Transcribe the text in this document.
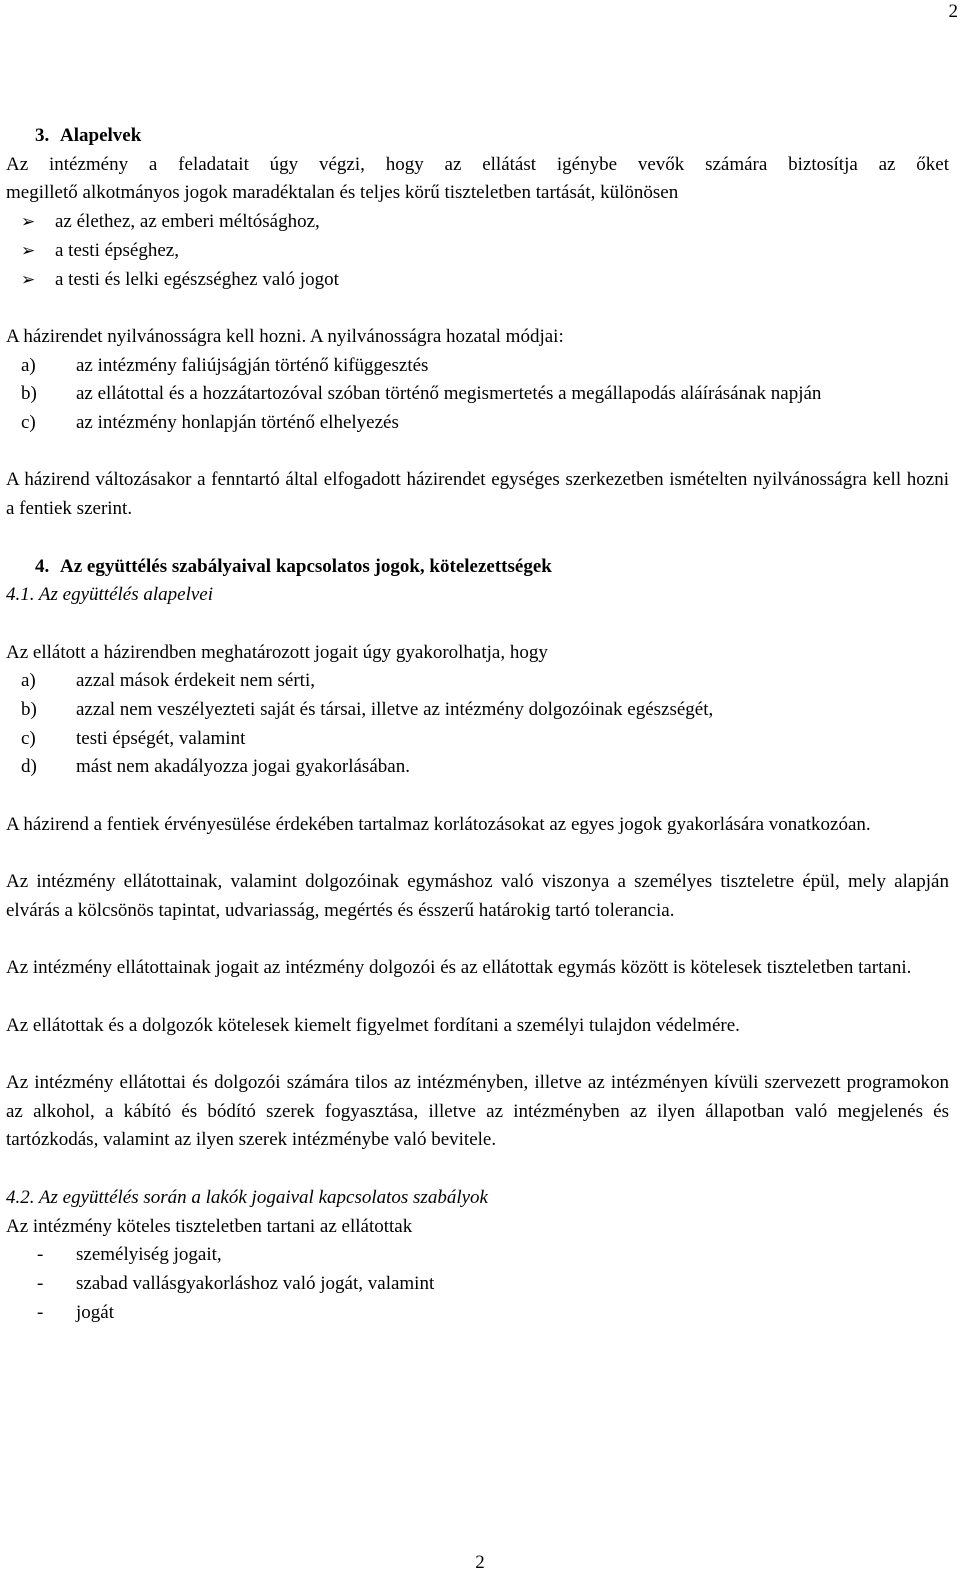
2

3. Alapelvek

Az intézmény a feladatait úgy végzi, hogy az ellátást igénybe vevők számára biztosítja az őket

megillető alkotmányos jogok maradéktalan és teljes körű tiszteletben tartását, különösen

➢	az élethez, az emberi méltósághoz,
➢	a testi épséghez,
➢	a testi és lelki egészséghez való jogot

A házirendet nyilvánosságra kell hozni. A nyilvánosságra hozatal módjai:

a)	az intézmény faliújságján történő kifüggesztés
b)	az ellátottal és a hozzátartozóval szóban történő megismertetés a megállapodás aláírásának napján
c)	az intézmény honlapján történő elhelyezés

A házirend változásakor a fenntartó által elfogadott házirendet egységes szerkezetben ismételten nyilvánosságra kell hozni a fentiek szerint.

4. Az együttélés szabályaival kapcsolatos jogok, kötelezettségek

4.1. Az együttélés alapelvei

Az ellátott a házirendben meghatározott jogait úgy gyakorolhatja, hogy

a)	azzal mások érdekeit nem sérti,
b)	azzal nem veszélyezteti saját és társai, illetve az intézmény dolgozóinak egészségét,
c)	testi épségét, valamint
d)	mást nem akadályozza jogai gyakorlásában.

A házirend a fentiek érvényesülése érdekében tartalmaz korlátozásokat az egyes jogok gyakorlására vonatkozóan.

Az intézmény ellátottainak, valamint dolgozóinak egymáshoz való viszonya a személyes tiszteletre épül, mely alapján elvárás a kölcsönös tapintat, udvariasság, megértés és ésszerű határokig tartó tolerancia.

Az intézmény ellátottainak jogait az intézmény dolgozói és az ellátottak egymás között is kötelesek tiszteletben tartani.

Az ellátottak és a dolgozók kötelesek kiemelt figyelmet fordítani a személyi tulajdon védelmére.

Az intézmény ellátottai és dolgozói számára tilos az intézményben, illetve az intézményen kívüli szervezett programokon az alkohol, a kábító és bódító szerek fogyasztása, illetve az intézményben az ilyen állapotban való megjelenés és tartózkodás, valamint az ilyen szerek intézménybe való bevitele.

4.2. Az együttélés során a lakók jogaival kapcsolatos szabályok

Az intézmény köteles tiszteletben tartani az ellátottak

-	személyiség jogait,
-	szabad vallásgyakorláshoz való jogát, valamint
-	jogát
2
